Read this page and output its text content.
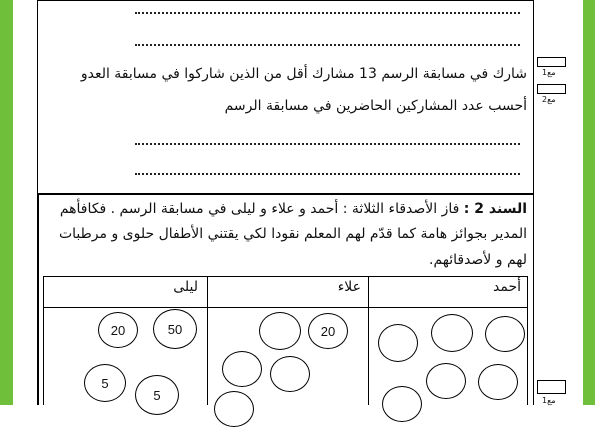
شارك في مسابقة الرسم 13 مشارك أقل من الذين شاركوا في مسابقة العدو
أحسب عدد المشاركين الحاضرين في مسابقة الرسم
مع1
مع2
مع1
السند 2 : فاز الأصدقاء الثلاثة : أحمد و علاء و ليلى في مسابقة الرسم . فكافأهم
المدير بجوائز هامة كما قدّم لهم المعلم نقودا لكي يقتني الأطفال حلوى و مرطبات
لهم و لأصدقائهم.
أحمد
علاء
ليلى
20	50
5
5
20
